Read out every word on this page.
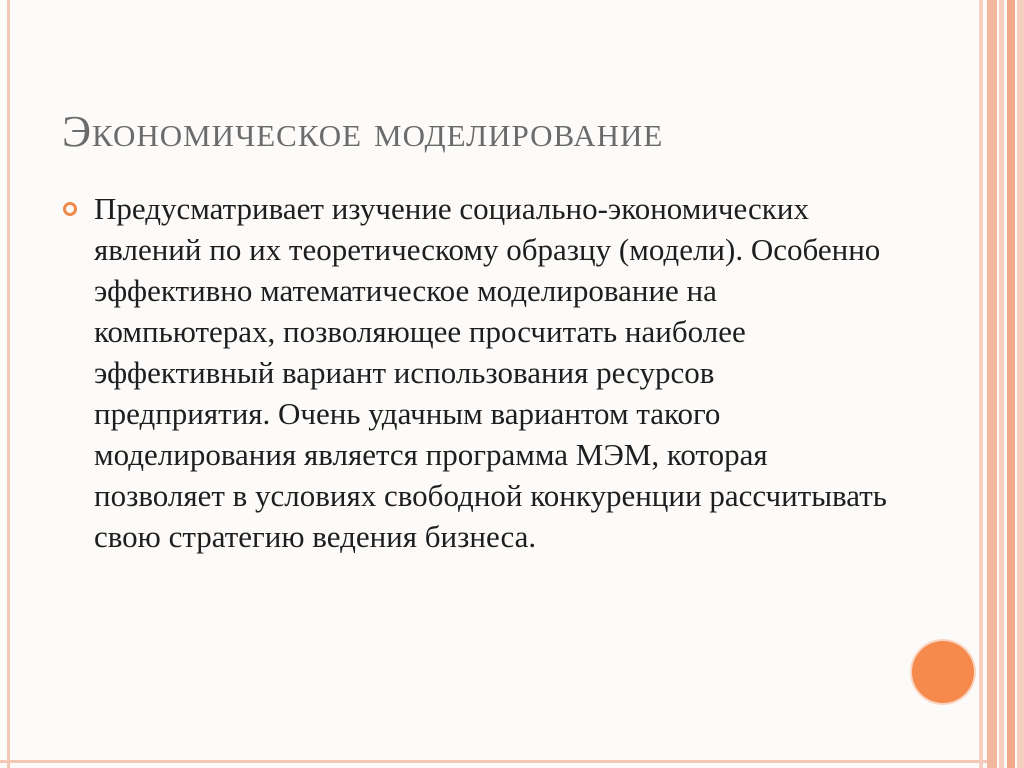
Экономическое моделирование

Предусматривает изучение социально-экономических явлений по их теоретическому образцу (модели). Особенно эффективно математическое моделирование на компьютерах, позволяющее просчитать наиболее эффективный вариант использования ресурсов предприятия. Очень удачным вариантом такого моделирования является программа МЭМ, которая позволяет в условиях свободной конкуренции рассчитывать свою стратегию ведения бизнеса.
